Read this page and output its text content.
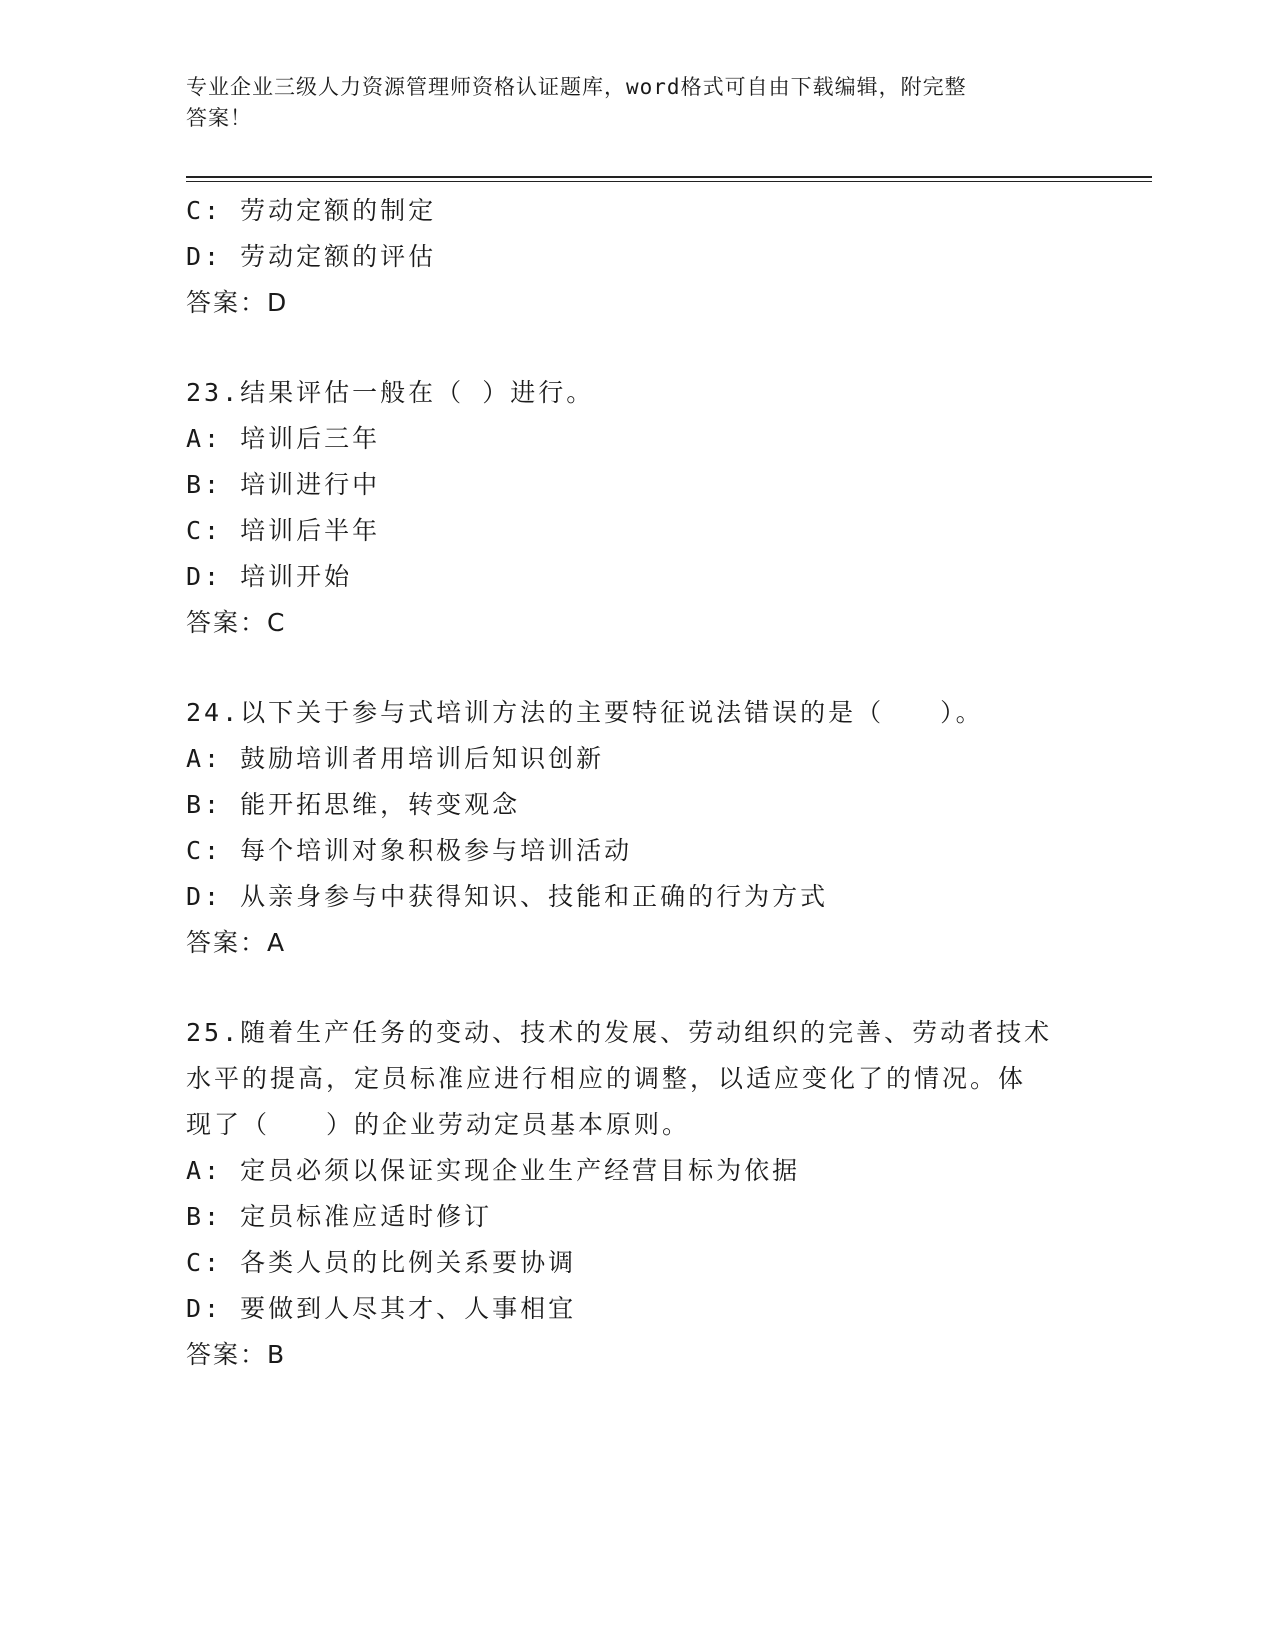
专业企业三级人力资源管理师资格认证题库，word格式可自由下载编辑，附完整
答案！
C: 劳动定额的制定
D: 劳动定额的评估
答案：D
23.结果评估一般在（ ）进行。
A: 培训后三年
B: 培训进行中
C: 培训后半年
D: 培训开始
答案：C
24.以下关于参与式培训方法的主要特征说法错误的是（　　）。
A: 鼓励培训者用培训后知识创新
B: 能开拓思维，转变观念
C: 每个培训对象积极参与培训活动
D: 从亲身参与中获得知识、技能和正确的行为方式
答案：A
25.随着生产任务的变动、技术的发展、劳动组织的完善、劳动者技术
水平的提高，定员标准应进行相应的调整，以适应变化了的情况。体
现了（　　）的企业劳动定员基本原则。
A: 定员必须以保证实现企业生产经营目标为依据
B: 定员标准应适时修订
C: 各类人员的比例关系要协调
D: 要做到人尽其才、人事相宜
答案：B
